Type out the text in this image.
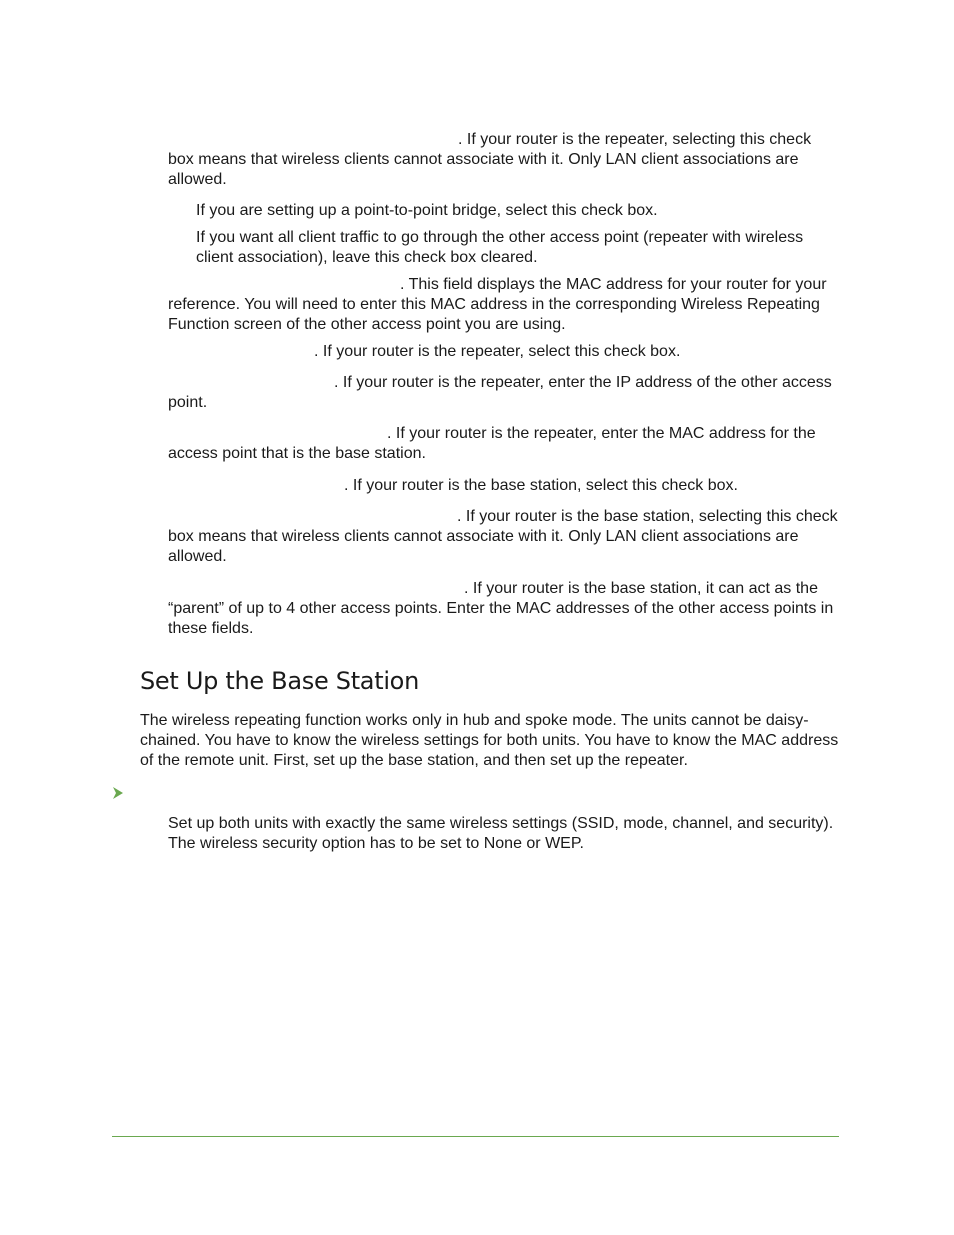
. If your router is the repeater, selecting this check box means that wireless clients cannot associate with it. Only LAN client associations are allowed.

If you are setting up a point-to-point bridge, select this check box.

If you want all client traffic to go through the other access point (repeater with wireless client association), leave this check box cleared.

. This field displays the MAC address for your router for your reference. You will need to enter this MAC address in the corresponding Wireless Repeating Function screen of the other access point you are using.

. If your router is the repeater, select this check box.

. If your router is the repeater, enter the IP address of the other access point.

. If your router is the repeater, enter the MAC address for the access point that is the base station.

. If your router is the base station, select this check box.

. If your router is the base station, selecting this check box means that wireless clients cannot associate with it. Only LAN client associations are allowed.

. If your router is the base station, it can act as the “parent” of up to 4 other access points. Enter the MAC addresses of the other access points in these fields.

Set Up the Base Station

The wireless repeating function works only in hub and spoke mode. The units cannot be daisy-chained. You have to know the wireless settings for both units. You have to know the MAC address of the remote unit. First, set up the base station, and then set up the repeater.

Set up both units with exactly the same wireless settings (SSID, mode, channel, and security). The wireless security option has to be set to None or WEP.
